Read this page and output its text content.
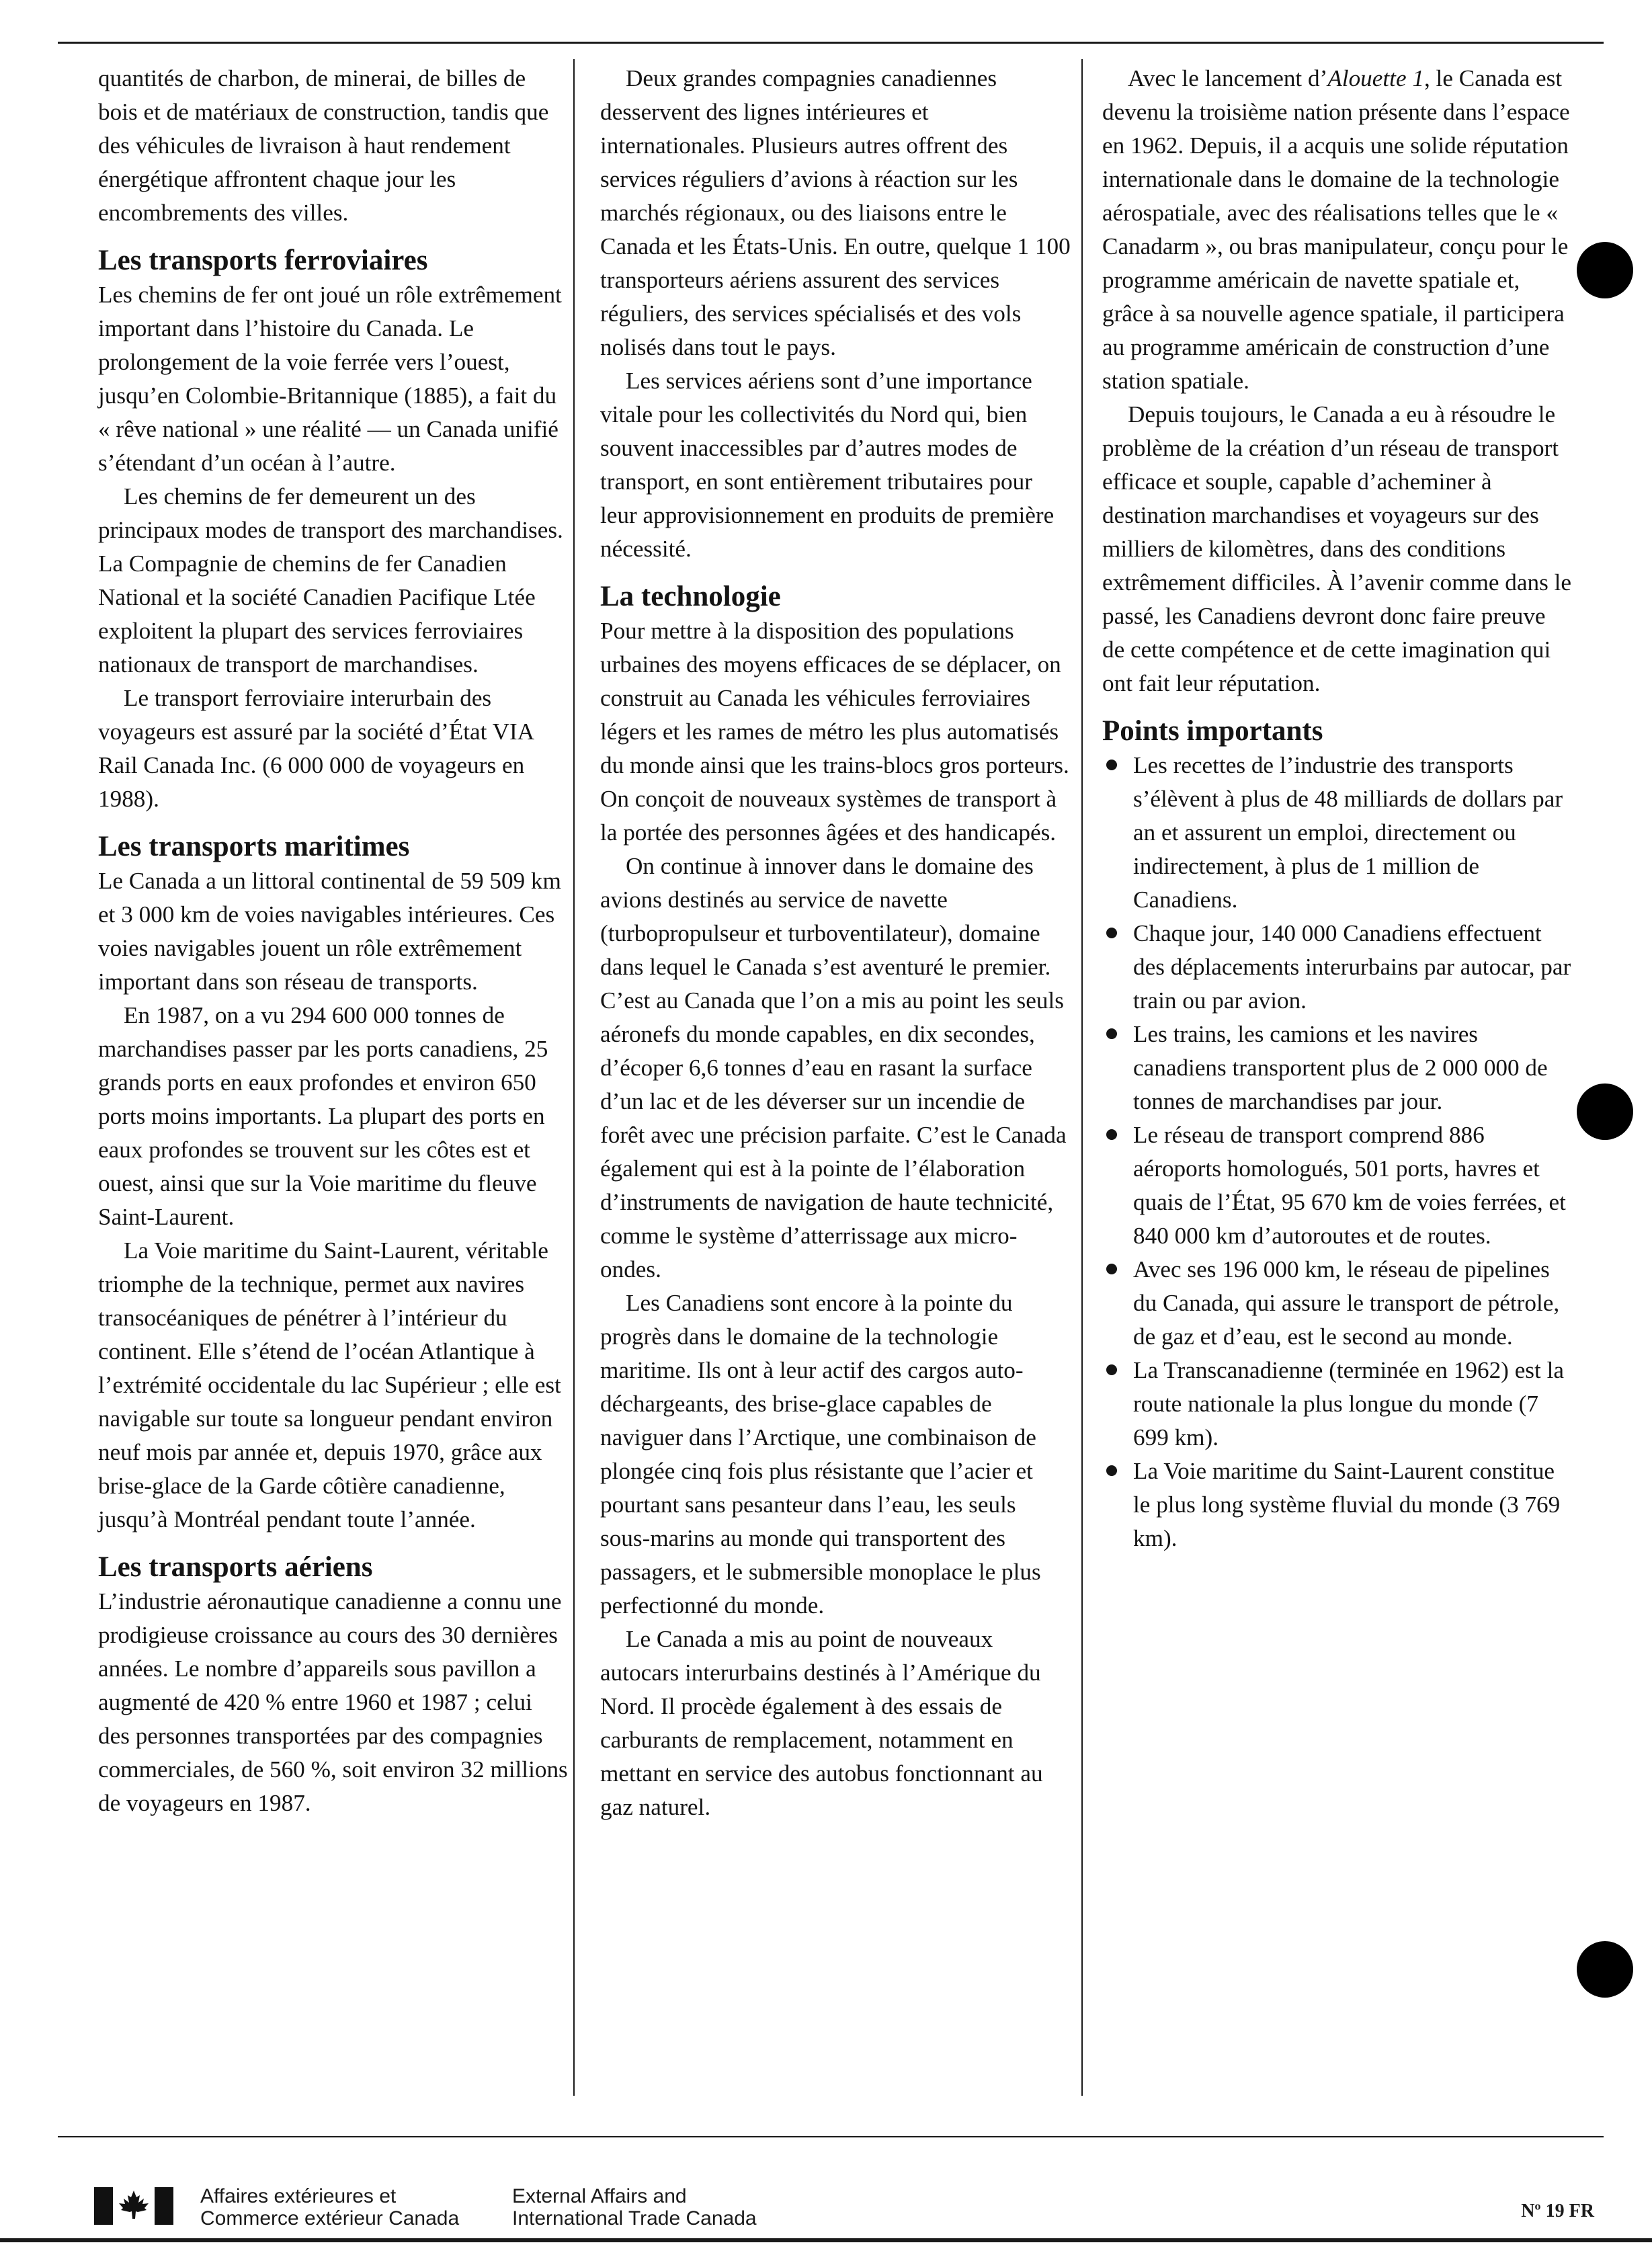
quantités de charbon, de minerai, de billes de bois et de matériaux de construction, tandis que des véhicules de livraison à haut rendement énergétique affrontent chaque jour les encombrements des villes.

Les transports ferroviaires

Les chemins de fer ont joué un rôle extrêmement important dans l’histoire du Canada. Le prolongement de la voie ferrée vers l’ouest, jusqu’en Colombie-Britannique (1885), a fait du « rêve national » une réalité — un Canada unifié s’étendant d’un océan à l’autre.

Les chemins de fer demeurent un des principaux modes de transport des marchandises. La Compagnie de chemins de fer Canadien National et la société Canadien Pacifique Ltée exploitent la plupart des services ferroviaires nationaux de transport de marchandises.

Le transport ferroviaire interurbain des voyageurs est assuré par la société d’État VIA Rail Canada Inc. (6 000 000 de voyageurs en 1988).

Les transports maritimes

Le Canada a un littoral continental de 59 509 km et 3 000 km de voies navigables intérieures. Ces voies navigables jouent un rôle extrêmement important dans son réseau de transports.

En 1987, on a vu 294 600 000 tonnes de marchandises passer par les ports canadiens, 25 grands ports en eaux profondes et environ 650 ports moins importants. La plupart des ports en eaux profondes se trouvent sur les côtes est et ouest, ainsi que sur la Voie maritime du fleuve Saint-Laurent.

La Voie maritime du Saint-Laurent, véritable triomphe de la technique, permet aux navires transocéaniques de pénétrer à l’intérieur du continent. Elle s’étend de l’océan Atlantique à l’extrémité occidentale du lac Supérieur ; elle est navigable sur toute sa longueur pendant environ neuf mois par année et, depuis 1970, grâce aux brise-glace de la Garde côtière canadienne, jusqu’à Montréal pendant toute l’année.

Les transports aériens

L’industrie aéronautique canadienne a connu une prodigieuse croissance au cours des 30 dernières années. Le nombre d’appareils sous pavillon a augmenté de 420 % entre 1960 et 1987 ; celui des personnes transportées par des compagnies commerciales, de 560 %, soit environ 32 millions de voyageurs en 1987.

Deux grandes compagnies canadiennes desservent des lignes intérieures et internationales. Plusieurs autres offrent des services réguliers d’avions à réaction sur les marchés régionaux, ou des liaisons entre le Canada et les États-Unis. En outre, quelque 1 100 transporteurs aériens assurent des services réguliers, des services spécialisés et des vols nolisés dans tout le pays.

Les services aériens sont d’une importance vitale pour les collectivités du Nord qui, bien souvent inaccessibles par d’autres modes de transport, en sont entièrement tributaires pour leur approvisionnement en produits de première nécessité.

La technologie

Pour mettre à la disposition des populations urbaines des moyens efficaces de se déplacer, on construit au Canada les véhicules ferroviaires légers et les rames de métro les plus automatisés du monde ainsi que les trains-blocs gros porteurs. On conçoit de nouveaux systèmes de transport à la portée des personnes âgées et des handicapés.

On continue à innover dans le domaine des avions destinés au service de navette (turbopropulseur et turboventilateur), domaine dans lequel le Canada s’est aventuré le premier. C’est au Canada que l’on a mis au point les seuls aéronefs du monde capables, en dix secondes, d’écoper 6,6 tonnes d’eau en rasant la surface d’un lac et de les déverser sur un incendie de forêt avec une précision parfaite. C’est le Canada également qui est à la pointe de l’élaboration d’instruments de navigation de haute technicité, comme le système d’atterrissage aux micro-ondes.

Les Canadiens sont encore à la pointe du progrès dans le domaine de la technologie maritime. Ils ont à leur actif des cargos auto-déchargeants, des brise-glace capables de naviguer dans l’Arctique, une combinaison de plongée cinq fois plus résistante que l’acier et pourtant sans pesanteur dans l’eau, les seuls sous-marins au monde qui transportent des passagers, et le submersible monoplace le plus perfectionné du monde.

Le Canada a mis au point de nouveaux autocars interurbains destinés à l’Amérique du Nord. Il procède également à des essais de carburants de remplacement, notamment en mettant en service des autobus fonctionnant au gaz naturel.

Avec le lancement d’Alouette 1, le Canada est devenu la troisième nation présente dans l’espace en 1962. Depuis, il a acquis une solide réputation internationale dans le domaine de la technologie aérospatiale, avec des réalisations telles que le « Canadarm », ou bras manipulateur, conçu pour le programme américain de navette spatiale et, grâce à sa nouvelle agence spatiale, il participera au programme américain de construction d’une station spatiale.

Depuis toujours, le Canada a eu à résoudre le problème de la création d’un réseau de transport efficace et souple, capable d’acheminer à destination marchandises et voyageurs sur des milliers de kilomètres, dans des conditions extrêmement difficiles. À l’avenir comme dans le passé, les Canadiens devront donc faire preuve de cette compétence et de cette imagination qui ont fait leur réputation.

Points importants
Les recettes de l’industrie des transports s’élèvent à plus de 48 milliards de dollars par an et assurent un emploi, directement ou indirectement, à plus de 1 million de Canadiens.
Chaque jour, 140 000 Canadiens effectuent des déplacements interurbains par autocar, par train ou par avion.
Les trains, les camions et les navires canadiens transportent plus de 2 000 000 de tonnes de marchandises par jour.
Le réseau de transport comprend 886 aéroports homologués, 501 ports, havres et quais de l’État, 95 670 km de voies ferrées, et 840 000 km d’autoroutes et de routes.
Avec ses 196 000 km, le réseau de pipelines du Canada, qui assure le transport de pétrole, de gaz et d’eau, est le second au monde.
La Transcanadienne (terminée en 1962) est la route nationale la plus longue du monde (7 699 km).
La Voie maritime du Saint-Laurent constitue le plus long système fluvial du monde (3 769 km).
Affaires extérieures et
Commerce extérieur Canada
External Affairs and
International Trade Canada	Nº 19 FR
